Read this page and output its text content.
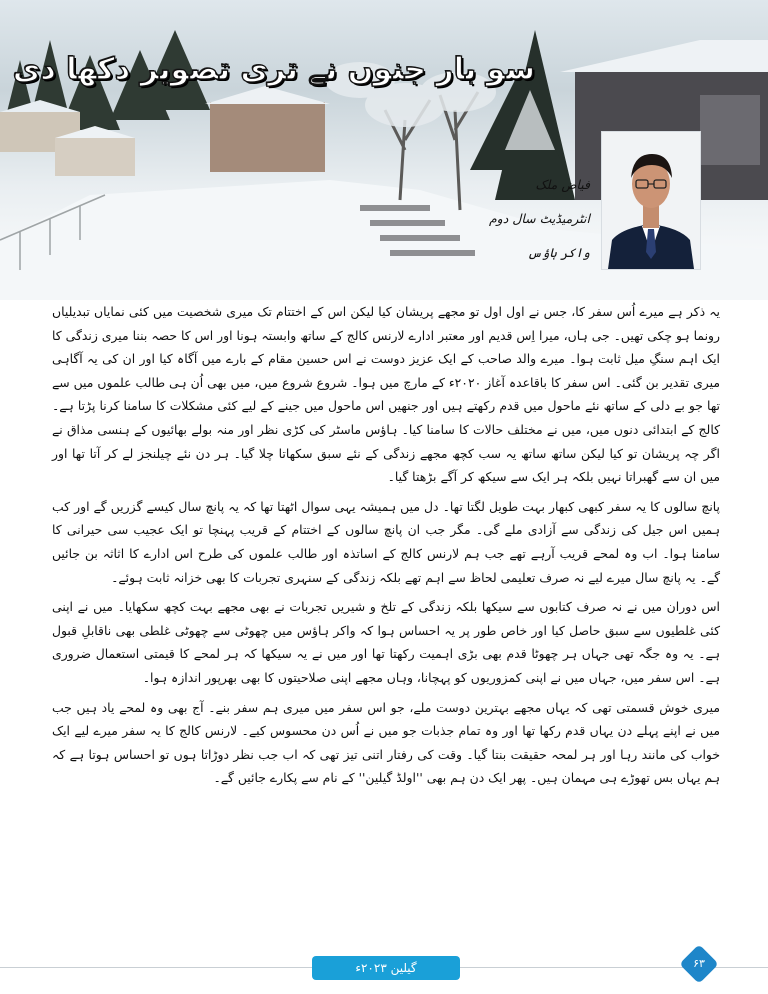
سو بار جنوں نے تری تصویر دکھا دی
فیاض ملک
انٹرمیڈیٹ سال دوم
واکر ہاؤس

یہ ذکر ہے میرے اُس سفر کا، جس نے اول اول تو مجھے پریشان کیا لیکن اس کے اختتام تک میری شخصیت میں کئی نمایاں تبدیلیاں رونما ہو چکی تھیں۔ جی ہاں، میرا اِس قدیم اور معتبر ادارے لارنس کالج کے ساتھ وابستہ ہونا اور اس کا حصہ بننا میری زندگی کا ایک اہم سنگِ میل ثابت ہوا۔ میرے والد صاحب کے ایک عزیز دوست نے اس حسین مقام کے بارے میں آگاہ کیا اور ان کی یہ آگاہی میری تقدیر بن گئی۔ اس سفر کا باقاعدہ آغاز ۲۰۲۰ء کے مارچ میں ہوا۔ شروع شروع میں، میں بھی اُن ہی طالب علموں میں سے تھا جو بے دلی کے ساتھ نئے ماحول میں قدم رکھتے ہیں اور جنھیں اس ماحول میں جینے کے لیے کئی مشکلات کا سامنا کرنا پڑتا ہے۔ کالج کے ابتدائی دنوں میں، میں نے مختلف حالات کا سامنا کیا۔ ہاؤس ماسٹر کی کڑی نظر اور منہ بولے بھائیوں کے ہنسی مذاق نے اگر چہ پریشان تو کیا لیکن ساتھ ساتھ یہ سب کچھ مجھے زندگی کے نئے سبق سکھاتا چلا گیا۔ ہر دن نئے چیلنجز لے کر آتا تھا اور میں ان سے گھبراتا نہیں بلکہ ہر ایک سے سیکھ کر آگے بڑھتا گیا۔

پانچ سالوں کا یہ سفر کبھی کبھار بہت طویل لگتا تھا۔ دل میں ہمیشہ یہی سوال اٹھتا تھا کہ یہ پانچ سال کیسے گزریں گے اور کب ہمیں اس جیل کی زندگی سے آزادی ملے گی۔ مگر جب ان پانچ سالوں کے اختتام کے قریب پہنچا تو ایک عجیب سی حیرانی کا سامنا ہوا۔ اب وہ لمحے قریب آرہے تھے جب ہم لارنس کالج کے اساتذہ اور طالب علموں کی طرح اس ادارے کا اثاثہ بن جائیں گے۔ یہ پانچ سال میرے لیے نہ صرف تعلیمی لحاظ سے اہم تھے بلکہ زندگی کے سنہری تجربات کا بھی خزانہ ثابت ہوئے۔

اس دوران میں نے نہ صرف کتابوں سے سیکھا بلکہ زندگی کے تلخ و شیریں تجربات نے بھی مجھے بہت کچھ سکھایا۔ میں نے اپنی کئی غلطیوں سے سبق حاصل کیا اور خاص طور پر یہ احساس ہوا کہ واکر ہاؤس میں چھوٹی سے چھوٹی غلطی بھی ناقابلِ قبول ہے۔ یہ وہ جگہ تھی جہاں ہر چھوٹا قدم بھی بڑی اہمیت رکھتا تھا اور میں نے یہ سیکھا کہ ہر لمحے کا قیمتی استعمال ضروری ہے۔ اس سفر میں، جہاں میں نے اپنی کمزوریوں کو پہچانا، وہاں مجھے اپنی صلاحیتوں کا بھی بھرپور اندازہ ہوا۔

میری خوش قسمتی تھی کہ یہاں مجھے بہترین دوست ملے، جو اس سفر میں میری ہم سفر بنے۔ آج بھی وہ لمحے یاد ہیں جب میں نے اپنے پہلے دن یہاں قدم رکھا تھا اور وہ تمام جذبات جو میں نے اُس دن محسوس کیے۔ لارنس کالج کا یہ سفر میرے لیے ایک خواب کی مانند رہا اور ہر لمحہ حقیقت بنتا گیا۔ وقت کی رفتار اتنی تیز تھی کہ اب جب نظر دوڑاتا ہوں تو احساس ہوتا ہے کہ ہم یہاں بس تھوڑے ہی مہمان ہیں۔ پھر ایک دن ہم بھی ''اولڈ گیلین'' کے نام سے پکارے جائیں گے۔

گیلین ۲۰۲۳ء	۶۳
